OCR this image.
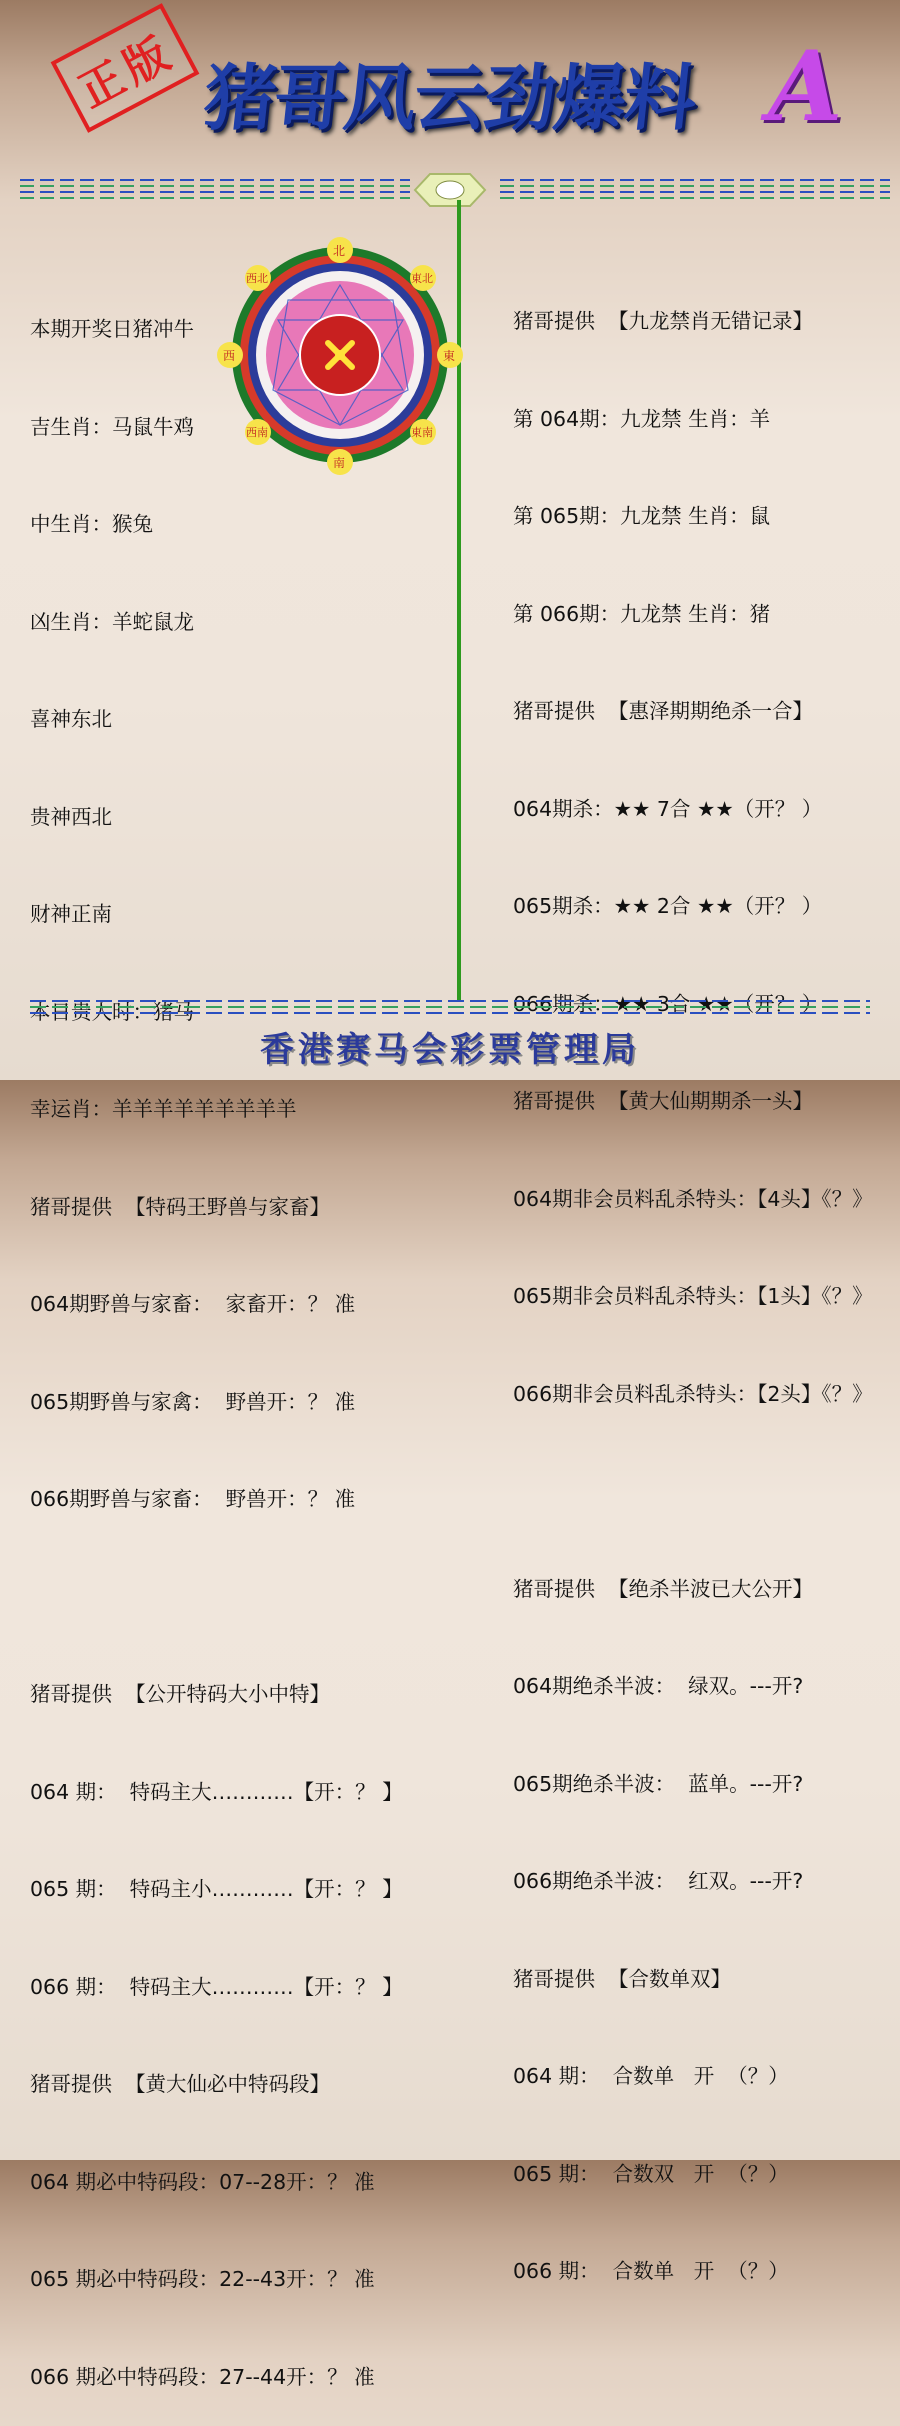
正版 猪哥风云劲爆料 A
北
南
東
西
東北
西北
東南
西南

本期开奖日猪冲牛

吉生肖：马鼠牛鸡

中生肖：猴兔

凶生肖：羊蛇鼠龙

喜神东北

贵神西北

财神正南

本日贵人时：猪马

幸运肖：羊羊羊羊羊羊羊羊羊

猪哥提供  【特码王野兽与家畜】

064期野兽与家畜：  家畜开：？ 准

065期野兽与家禽：  野兽开：？ 准

066期野兽与家畜：  野兽开：？ 准

猪哥提供  【公开特码大小中特】

064 期：  特码主大…………【开：？ 】

065 期：  特码主小…………【开：？ 】

066 期：  特码主大…………【开：？ 】

猪哥提供  【黄大仙必中特码段】

064 期必中特码段：07--28开：？ 准

065 期必中特码段：22--43开：？ 准

066 期必中特码段：27--44开：？ 准

猪哥提供  【九龙禁肖无错记录】

第 064期：九龙禁 生肖：羊

第 065期：九龙禁 生肖：鼠

第 066期：九龙禁 生肖：猪

猪哥提供  【惠泽期期绝杀一合】

064期杀：★★ 7合 ★★（开？ ）

065期杀：★★ 2合 ★★（开？ ）

066期杀：★★ 3合 ★★（开？ ）

猪哥提供  【黄大仙期期杀一头】

064期非会员料乱杀特头：【4头】《？》

065期非会员料乱杀特头：【1头】《？》

066期非会员料乱杀特头：【2头】《？》

猪哥提供  【绝杀半波已大公开】

064期绝杀半波：  绿双。---开?

065期绝杀半波：  蓝单。---开?

066期绝杀半波：  红双。---开?

猪哥提供  【合数单双】

064 期：  合数单   开  （？）

065 期：  合数双   开  （？）

066 期：  合数单   开  （？）

香港赛马会彩票管理局
